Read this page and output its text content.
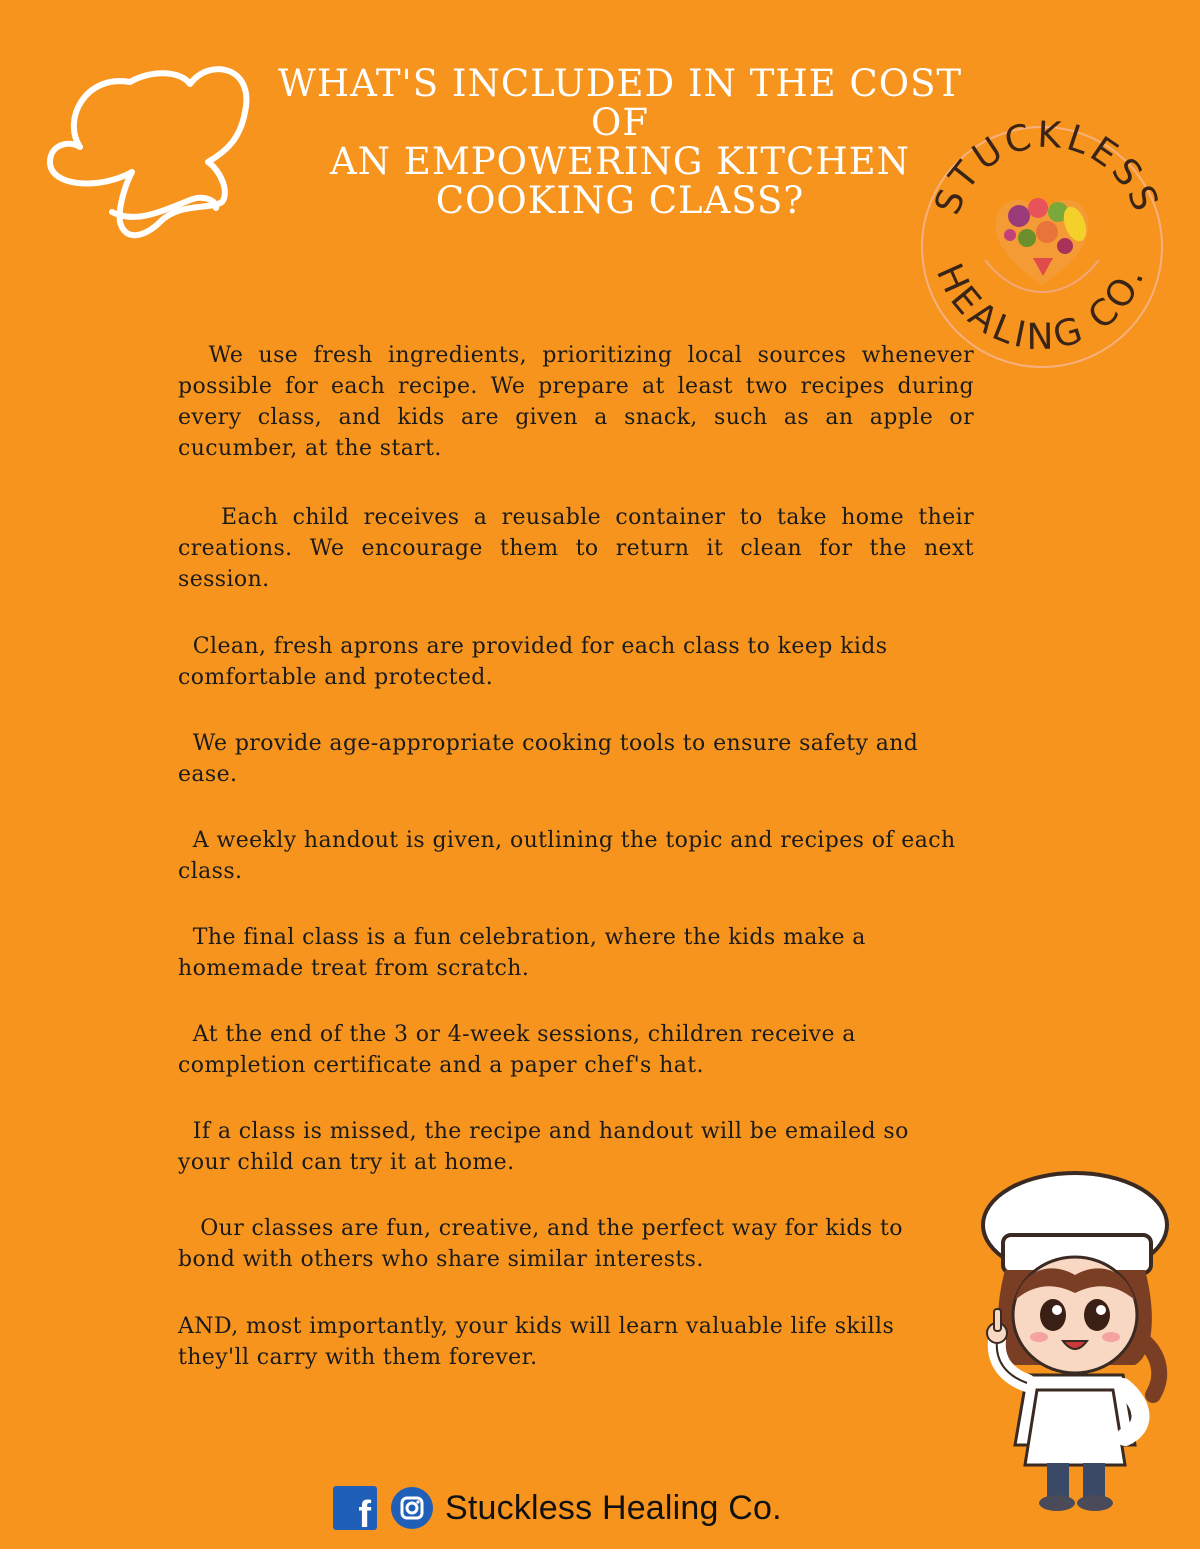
WHAT'S INCLUDED IN THE COST OF
AN EMPOWERING KITCHEN
COOKING CLASS?	STUCKLESS
HEALING CO.

We use fresh ingredients, prioritizing local sources whenever possible for each recipe. We prepare at least two recipes during every class, and kids are given a snack, such as an apple or cucumber, at the start.

Each child receives a reusable container to take home their creations. We encourage them to return it clean for the next session.

Clean, fresh aprons are provided for each class to keep kids comfortable and protected.

We provide age-appropriate cooking tools to ensure safety and ease.

A weekly handout is given, outlining the topic and recipes of each class.

The final class is a fun celebration, where the kids make a homemade treat from scratch.

At the end of the 3 or 4-week sessions, children receive a completion certificate and a paper chef's hat.

If a class is missed, the recipe and handout will be emailed so your child can try it at home.

Our classes are fun, creative, and the perfect way for kids to bond with others who share similar interests.

AND, most importantly, your kids will learn valuable life skills they'll carry with them forever.

f Stuckless Healing Co.
